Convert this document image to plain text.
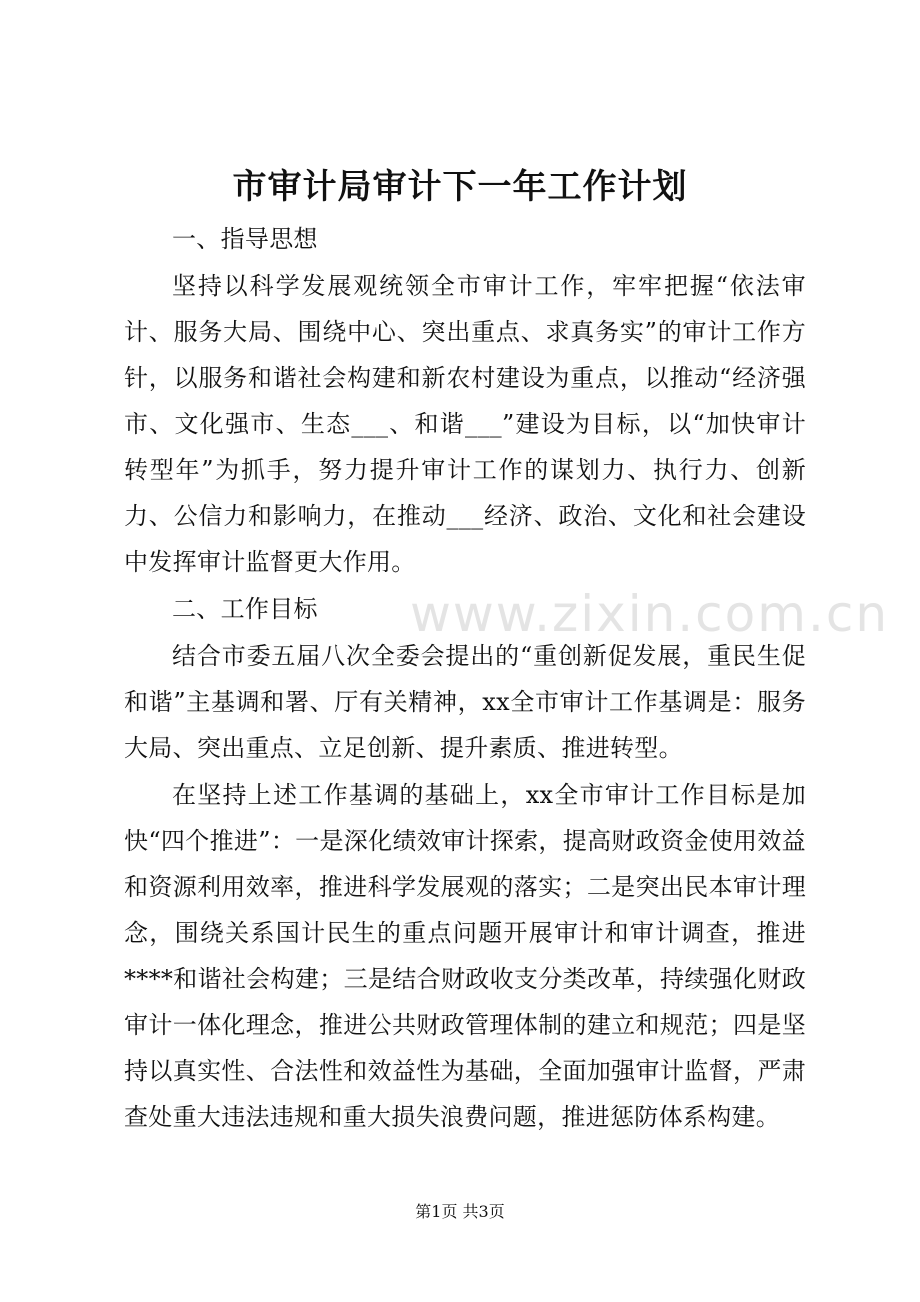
www.zixin.com.cn
市审计局审计下一年工作计划

一、指导思想

坚持以科学发展观统领全市审计工作，牢牢把握“依法审计、服务大局、围绕中心、突出重点、求真务实”的审计工作方针，以服务和谐社会构建和新农村建设为重点，以推动“经济强市、文化强市、生态___、和谐___”建设为目标，以“加快审计转型年”为抓手，努力提升审计工作的谋划力、执行力、创新力、公信力和影响力，在推动___经济、政治、文化和社会建设中发挥审计监督更大作用。

二、工作目标

结合市委五届八次全委会提出的“重创新促发展，重民生促和谐”主基调和署、厅有关精神，xx全市审计工作基调是：服务大局、突出重点、立足创新、提升素质、推进转型。

在坚持上述工作基调的基础上，xx全市审计工作目标是加快“四个推进”：一是深化绩效审计探索，提高财政资金使用效益和资源利用效率，推进科学发展观的落实；二是突出民本审计理念，围绕关系国计民生的重点问题开展审计和审计调查，推进****和谐社会构建；三是结合财政收支分类改革，持续强化财政审计一体化理念，推进公共财政管理体制的建立和规范；四是坚持以真实性、合法性和效益性为基础，全面加强审计监督，严肃查处重大违法违规和重大损失浪费问题，推进惩防体系构建。

第1页 共3页
